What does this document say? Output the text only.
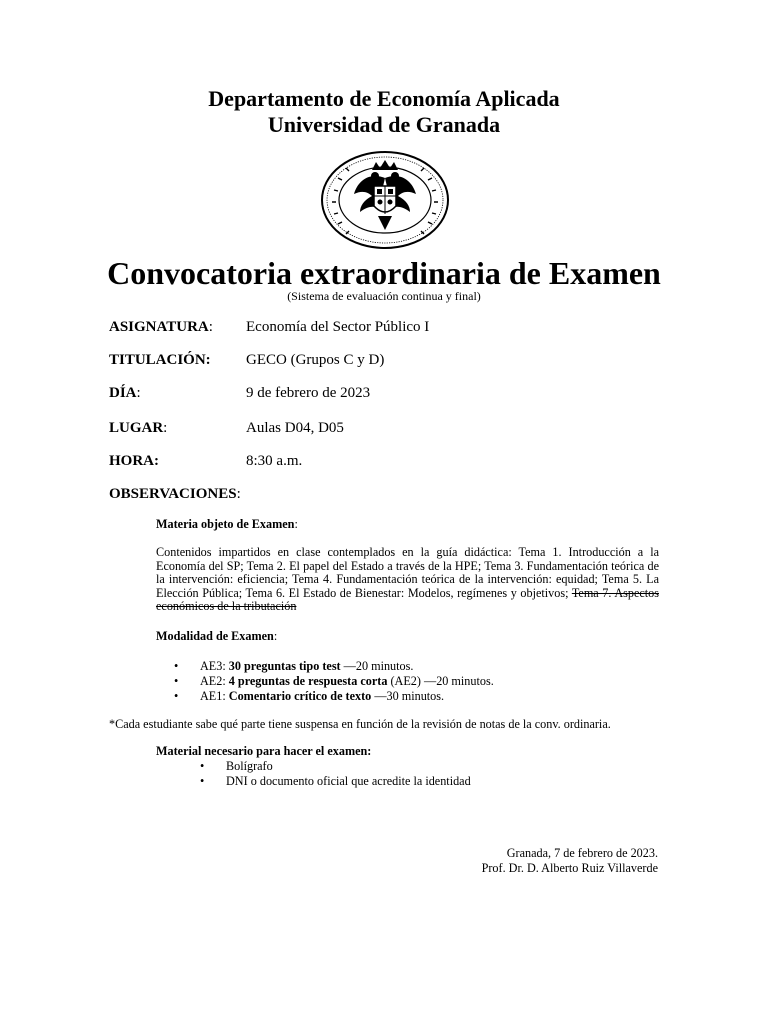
Departamento de Economía Aplicada
Universidad de Granada
Convocatoria extraordinaria de Examen
(Sistema de evaluación continua y final)
ASIGNATURA: Economía del Sector Público I
TITULACIÓN: GECO (Grupos C y D)
DÍA:	9 de febrero de 2023
LUGAR:	Aulas D04, D05
HORA:	8:30 a.m.
OBSERVACIONES:
Materia objeto de Examen:
Contenidos impartidos en clase contemplados en la guía didáctica: Tema 1. Introducción a la Economía del SP; Tema 2. El papel del Estado a través de la HPE; Tema 3. Fundamentación teórica de la intervención: eficiencia; Tema 4. Fundamentación teórica de la intervención: equidad; Tema 5. La Elección Pública; Tema 6. El Estado de Bienestar: Modelos, regímenes y objetivos; Tema 7. Aspectos económicos de la tributación
Modalidad de Examen:
• AE3: 30 preguntas tipo test —20 minutos.
• AE2: 4 preguntas de respuesta corta (AE2) —20 minutos.
• AE1: Comentario crítico de texto —30 minutos.
*Cada estudiante sabe qué parte tiene suspensa en función de la revisión de notas de la conv. ordinaria.
Material necesario para hacer el examen:
• Bolígrafo
• DNI o documento oficial que acredite la identidad
Granada, 7 de febrero de 2023.
Prof. Dr. D. Alberto Ruiz Villaverde
